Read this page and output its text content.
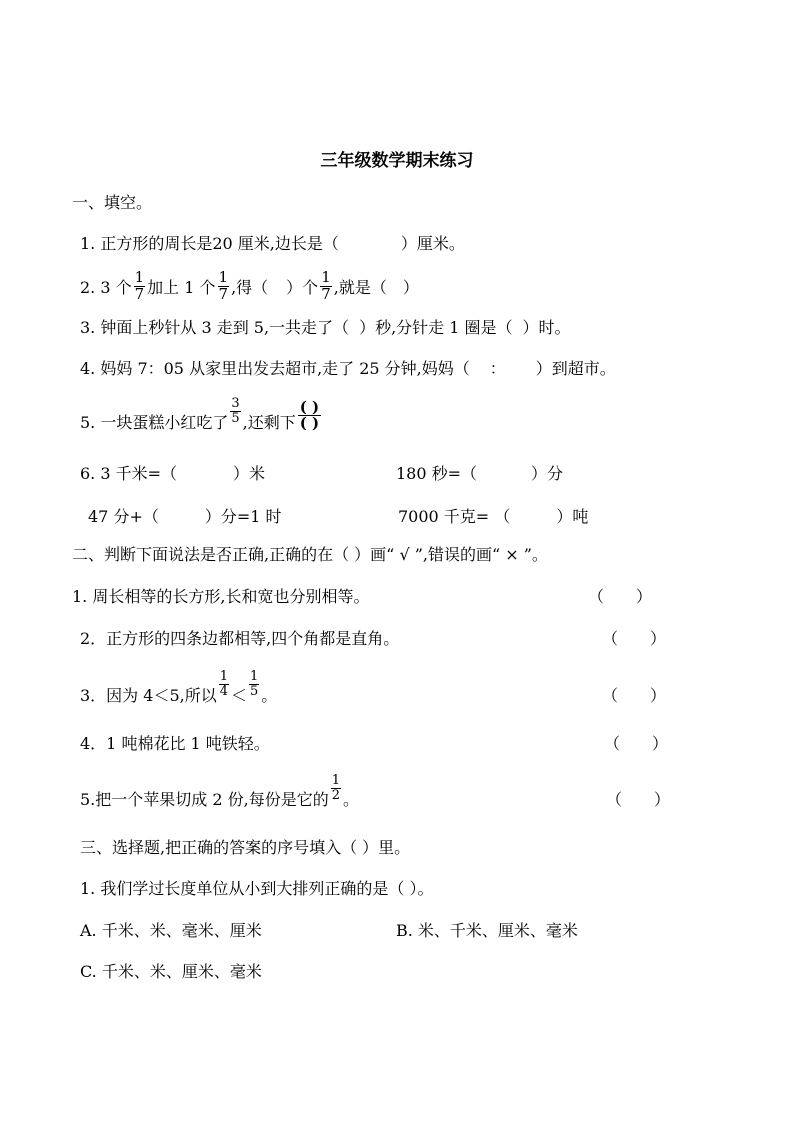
三年级数学期末练习
一、填空。
1. 正方形的周长是20 厘米,边长是（	）厘米。
2. 3 个 $\frac{1}{7}$ 加上 1 个 $\frac{1}{7}$ ,得（ ）个 $\frac{1}{7}$ ,就是（ ）
3. 钟面上秒针从 3 走到 5,一共走了（ ）秒,分针走 1 圈是（ ）时。
4. 妈妈 7：05 从家里出发去超市,走了 25 分钟,妈妈（ ： ）到超市。
5. 一块蛋糕小红吃了 $\frac{3}{5}$ ,还剩下 $\frac{( )}{( )}$
6. 3 千米=（	）米	180 秒=（	）分
47 分+（	）分=1 时	7000 千克= （	）吨
二、判断下面说法是否正确,正确的在（ ）画“ √ ”,错误的画“ × ”。
1. 周长相等的长方形,长和宽也分别相等。	（　　）
2．正方形的四条边都相等,四个角都是直角。	（　　）
3．因为 4＜5,所以 $\frac{1}{4} < \frac{1}{5}$ 。	（　　）
4．1 吨棉花比 1 吨铁轻。	（　　）
5.把一个苹果切成 2 份,每份是它的 $\frac{1}{2}$ 。	（　　）
三、选择题,把正确的答案的序号填入（ ）里。
1. 我们学过长度单位从小到大排列正确的是（ ）。
A. 千米、米、毫米、厘米	B. 米、千米、厘米、毫米
C. 千米、米、厘米、毫米
